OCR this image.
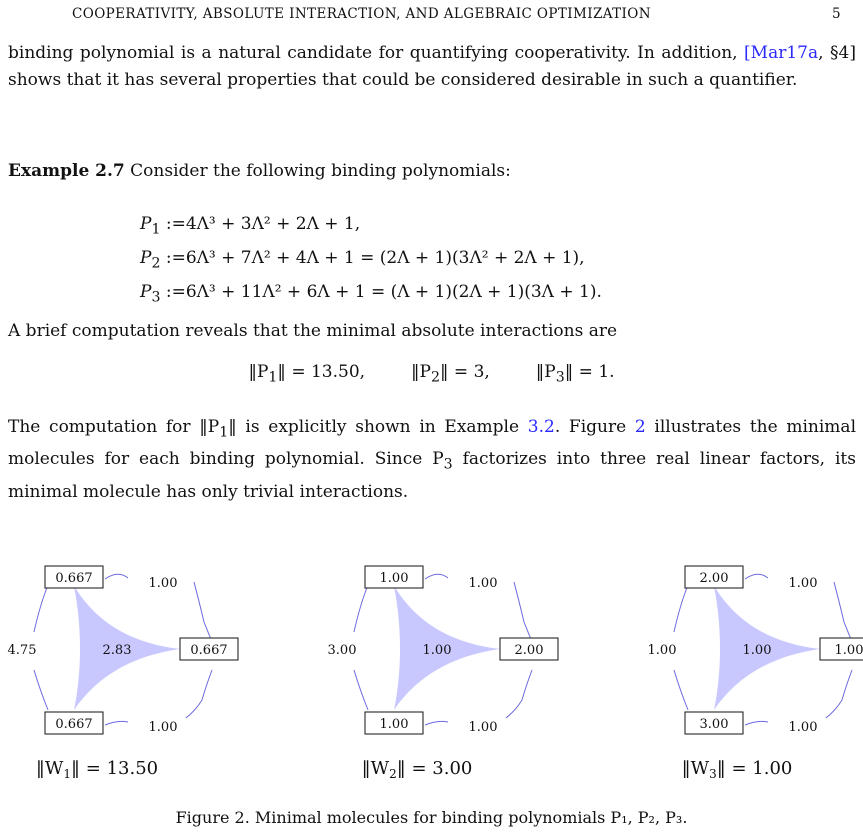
COOPERATIVITY, ABSOLUTE INTERACTION, AND ALGEBRAIC OPTIMIZATION	5

binding polynomial is a natural candidate for quantifying cooperativity. In addition, [Mar17a, §4] shows that it has several properties that could be considered desirable in such a quantifier.

Example 2.7 Consider the following binding polynomials:

$P_1$ :=4Λ³ + 3Λ² + 2Λ + 1,
$P_2$ :=6Λ³ + 7Λ² + 4Λ + 1 = (2Λ + 1)(3Λ² + 2Λ + 1),
$P_3$ :=6Λ³ + 11Λ² + 6Λ + 1 = (Λ + 1)(2Λ + 1)(3Λ + 1).

A brief computation reveals that the minimal absolute interactions are

$‖P_1‖ = 13.50$,	$‖P_2‖ = 3$,	$‖P_3‖ = 1$.

The computation for $‖P_1‖$ is explicitly shown in Example 3.2. Figure 2 illustrates the minimal molecules for each binding polynomial. Since $P_3$ factorizes into three real linear factors, its minimal molecule has only trivial interactions.

0.667
0.667
0.667
1.00
1.00
4.75	2.83
$‖W_1‖ = 13.50$
1.00
2.00
1.00
1.00
1.00
3.00	1.00
$‖W_2‖ = 3.00$
2.00
1.00
3.00
1.00
1.00
1.00	1.00
$‖W_3‖ = 1.00$
Figure 2. Minimal molecules for binding polynomials P₁, P₂, P₃.
